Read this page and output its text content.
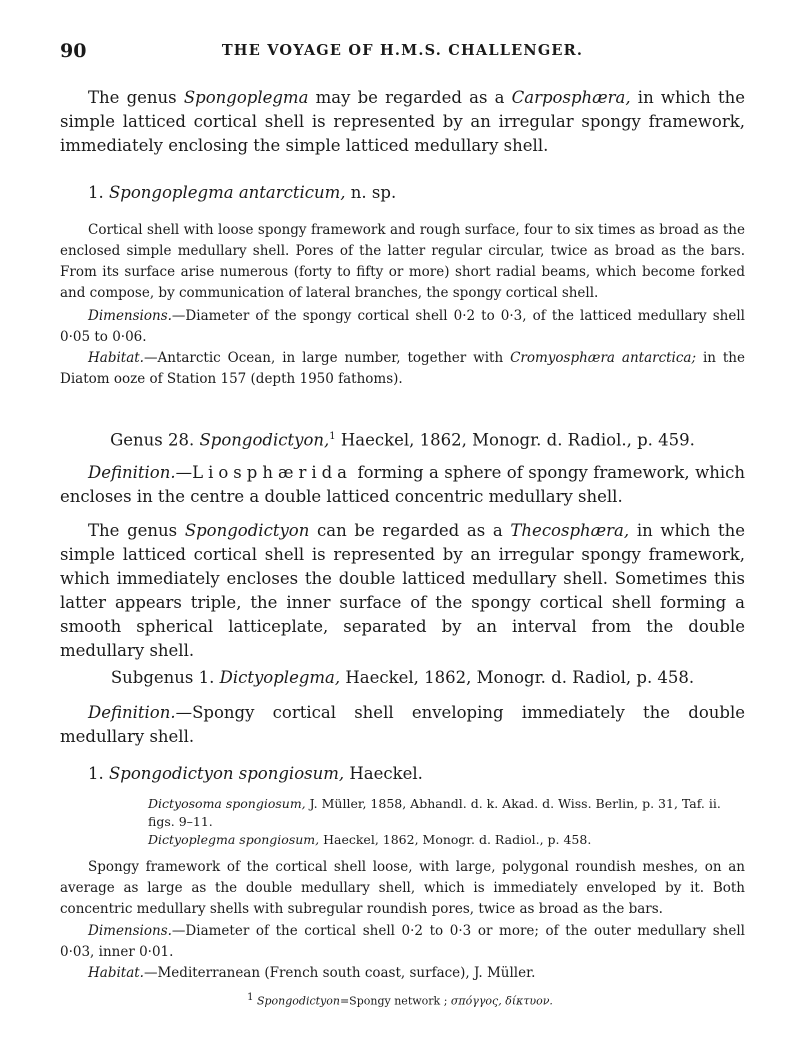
90	THE VOYAGE OF H.M.S. CHALLENGER.

The genus Spongoplegma may be regarded as a Carposphæra, in which the simple latticed cortical shell is represented by an irregular spongy framework, immediately enclosing the simple latticed medullary shell.

1. Spongoplegma antarcticum, n. sp.

Cortical shell with loose spongy framework and rough surface, four to six times as broad as the enclosed simple medullary shell. Pores of the latter regular circular, twice as broad as the bars. From its surface arise numerous (forty to fifty or more) short radial beams, which become forked and compose, by communication of lateral branches, the spongy cortical shell.

Dimensions.—Diameter of the spongy cortical shell 0·2 to 0·3, of the latticed medullary shell 0·05 to 0·06.

Habitat.—Antarctic Ocean, in large number, together with Cromyosphæra antarctica; in the Diatom ooze of Station 157 (depth 1950 fathoms).

Genus 28. Spongodictyon,$^1$ Haeckel, 1862, Monogr. d. Radiol., p. 459.

Definition.—Liosphærida forming a sphere of spongy framework, which encloses in the centre a double latticed concentric medullary shell.

The genus Spongodictyon can be regarded as a Thecosphæra, in which the simple latticed cortical shell is represented by an irregular spongy framework, which immediately encloses the double latticed medullary shell. Sometimes this latter appears triple, the inner surface of the spongy cortical shell forming a smooth spherical latticeplate, separated by an interval from the double medullary shell.

Subgenus 1. Dictyoplegma, Haeckel, 1862, Monogr. d. Radiol, p. 458.

Definition.—Spongy cortical shell enveloping immediately the double medullary shell.

1. Spongodictyon spongiosum, Haeckel.

Dictyosoma spongiosum, J. Müller, 1858, Abhandl. d. k. Akad. d. Wiss. Berlin, p. 31, Taf. ii. figs. 9–11.

Dictyoplegma spongiosum, Haeckel, 1862, Monogr. d. Radiol., p. 458.

Spongy framework of the cortical shell loose, with large, polygonal roundish meshes, on an average as large as the double medullary shell, which is immediately enveloped by it. Both concentric medullary shells with subregular roundish pores, twice as broad as the bars.

Dimensions.—Diameter of the cortical shell 0·2 to 0·3 or more; of the outer medullary shell 0·03, inner 0·01.

Habitat.—Mediterranean (French south coast, surface), J. Müller.

$^1$ Spongodictyon=Spongy network ; σπόγγος, δίκτυον.
